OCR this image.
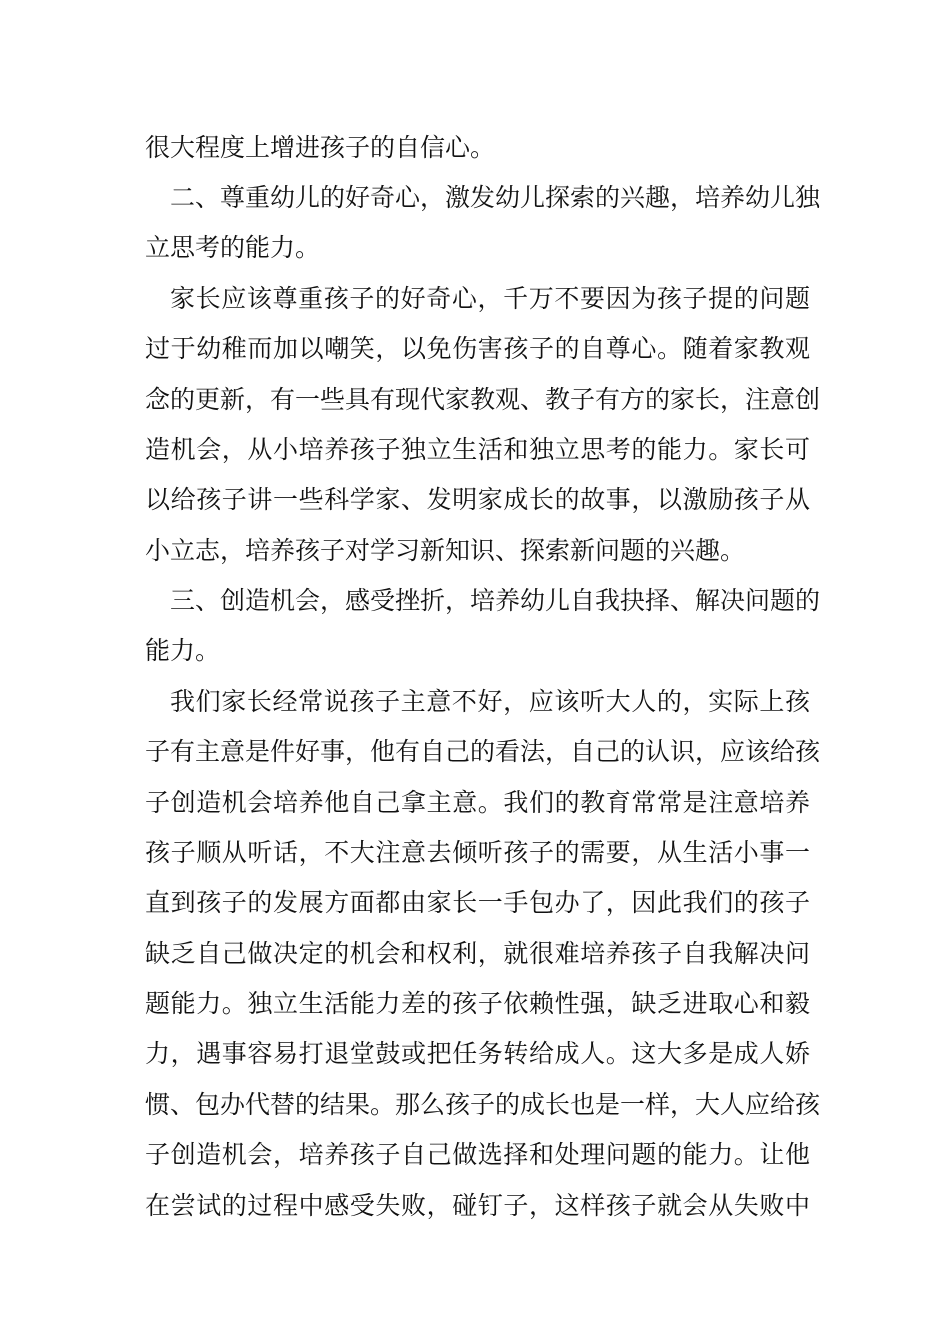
很大程度上增进孩子的自信心。
二、尊重幼儿的好奇心，激发幼儿探索的兴趣，培养幼儿独
立思考的能力。
家长应该尊重孩子的好奇心，千万不要因为孩子提的问题
过于幼稚而加以嘲笑，以免伤害孩子的自尊心。随着家教观
念的更新，有一些具有现代家教观、教子有方的家长，注意创
造机会，从小培养孩子独立生活和独立思考的能力。家长可
以给孩子讲一些科学家、发明家成长的故事，以激励孩子从
小立志，培养孩子对学习新知识、探索新问题的兴趣。
三、创造机会，感受挫折，培养幼儿自我抉择、解决问题的
能力。
我们家长经常说孩子主意不好，应该听大人的，实际上孩
子有主意是件好事，他有自己的看法，自己的认识，应该给孩
子创造机会培养他自己拿主意。我们的教育常常是注意培养
孩子顺从听话，不大注意去倾听孩子的需要，从生活小事一
直到孩子的发展方面都由家长一手包办了，因此我们的孩子
缺乏自己做决定的机会和权利，就很难培养孩子自我解决问
题能力。独立生活能力差的孩子依赖性强，缺乏进取心和毅
力，遇事容易打退堂鼓或把任务转给成人。这大多是成人娇
惯、包办代替的结果。那么孩子的成长也是一样，大人应给孩
子创造机会，培养孩子自己做选择和处理问题的能力。让他
在尝试的过程中感受失败，碰钉子，这样孩子就会从失败中
